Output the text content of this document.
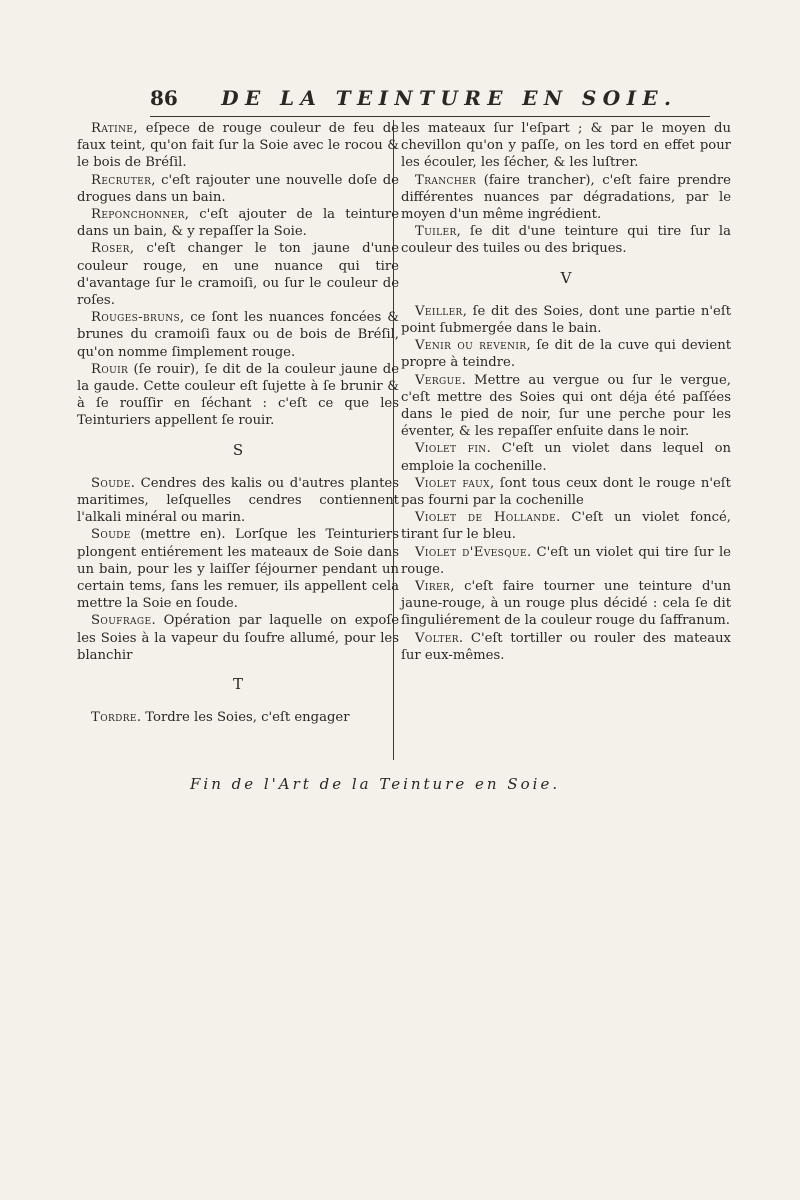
86 DE LA TEINTURE EN SOIE.

Ratine, eſpece de rouge couleur de feu de faux teint, qu'on fait ſur la Soie avec le rocou & le bois de Bréſil.

Recruter, c'eſt rajouter une nouvelle doſe de drogues dans un bain.

Reponchonner, c'eſt ajouter de la teinture dans un bain, & y repaſſer la Soie.

Roser, c'eſt changer le ton jaune d'une couleur rouge, en une nuance qui tire d'avantage ſur le cramoiſi, ou ſur le couleur de roſes.

Rouges-bruns, ce ſont les nuances foncées & brunes du cramoiſi faux ou de bois de Bréſil, qu'on nomme ſimplement rouge.

Rouir (ſe rouir), ſe dit de la couleur jaune de la gaude. Cette couleur eſt ſujette à ſe brunir & à ſe rouſſir en ſéchant : c'eſt ce que les Teinturiers appellent ſe rouir.

S

Soude. Cendres des kalis ou d'autres plantes maritimes, leſquelles cendres contiennent l'alkali minéral ou marin.

Soude (mettre en). Lorſque les Teinturiers plongent entiérement les mateaux de Soie dans un bain, pour les y laiſſer ſéjourner pendant un certain tems, ſans les remuer, ils appellent cela mettre la Soie en ſoude.

Soufrage. Opération par laquelle on expoſe les Soies à la vapeur du ſoufre allumé, pour les blanchir

T

Tordre. Tordre les Soies, c'eſt engager

les mateaux ſur l'eſpart ; & par le moyen du chevillon qu'on y paſſe, on les tord en effet pour les écouler, les ſécher, & les luſtrer.

Trancher (faire trancher), c'eſt faire prendre différentes nuances par dégradations, par le moyen d'un même ingrédient.

Tuiler, ſe dit d'une teinture qui tire ſur la couleur des tuiles ou des briques.

V

Veiller, ſe dit des Soies, dont une partie n'eſt point ſubmergée dans le bain.

Venir ou revenir, ſe dit de la cuve qui devient propre à teindre.

Vergue. Mettre au vergue ou ſur le vergue, c'eſt mettre des Soies qui ont déja été paſſées dans le pied de noir, ſur une perche pour les éventer, & les repaſſer enſuite dans le noir.

Violet fin. C'eſt un violet dans lequel on emploie la cochenille.

Violet faux, ſont tous ceux dont le rouge n'eſt pas fourni par la cochenille

Violet de Hollande. C'eſt un violet foncé, tirant ſur le bleu.

Violet d'Evesque. C'eſt un violet qui tire ſur le rouge.

Virer, c'eſt faire tourner une teinture d'un jaune-rouge, à un rouge plus décidé : cela ſe dit ſinguliérement de la couleur rouge du ſaffranum.

Volter. C'eſt tortiller ou rouler des mateaux ſur eux-mêmes.

Fin de l'Art de la Teinture en Soie.
